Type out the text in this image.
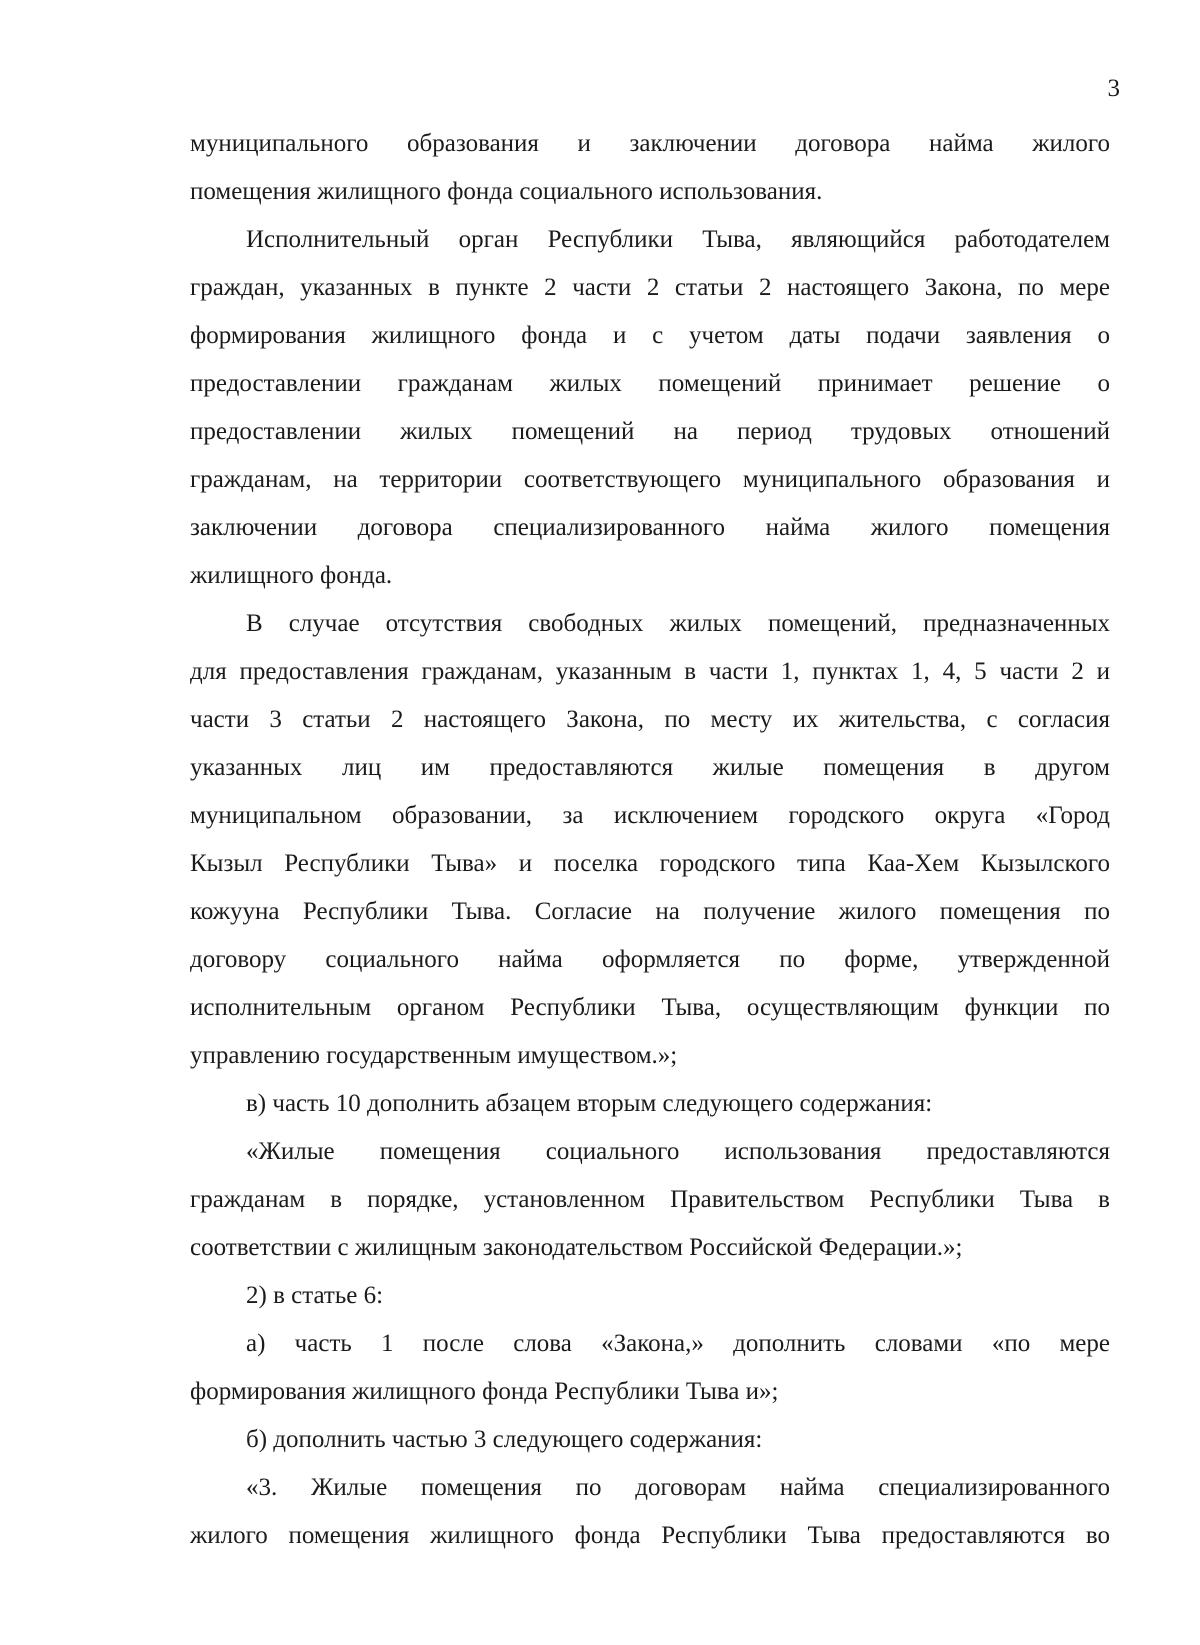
3
муниципального образования и заключении договора найма жилого
помещения жилищного фонда социального использования.
Исполнительный орган Республики Тыва, являющийся работодателем
граждан, указанных в пункте 2 части 2 статьи 2 настоящего Закона, по мере
формирования жилищного фонда и с учетом даты подачи заявления о
предоставлении гражданам жилых помещений принимает решение о
предоставлении жилых помещений на период трудовых отношений
гражданам, на территории соответствующего муниципального образования и
заключении договора специализированного найма жилого помещения
жилищного фонда.
В случае отсутствия свободных жилых помещений, предназначенных
для предоставления гражданам, указанным в части 1, пунктах 1, 4, 5 части 2 и
части 3 статьи 2 настоящего Закона, по месту их жительства, с согласия
указанных лиц им предоставляются жилые помещения в другом
муниципальном образовании, за исключением городского округа «Город
Кызыл Республики Тыва» и поселка городского типа Каа-Хем Кызылского
кожууна Республики Тыва. Согласие на получение жилого помещения по
договору социального найма оформляется по форме, утвержденной
исполнительным органом Республики Тыва, осуществляющим функции по
управлению государственным имуществом.»;
в) часть 10 дополнить абзацем вторым следующего содержания:
«Жилые помещения социального использования предоставляются
гражданам в порядке, установленном Правительством Республики Тыва в
соответствии с жилищным законодательством Российской Федерации.»;
2) в статье 6:
а) часть 1 после слова «Закона,» дополнить словами «по мере
формирования жилищного фонда Республики Тыва и»;
б) дополнить частью 3 следующего содержания:
«3. Жилые помещения по договорам найма специализированного
жилого помещения жилищного фонда Республики Тыва предоставляются во
